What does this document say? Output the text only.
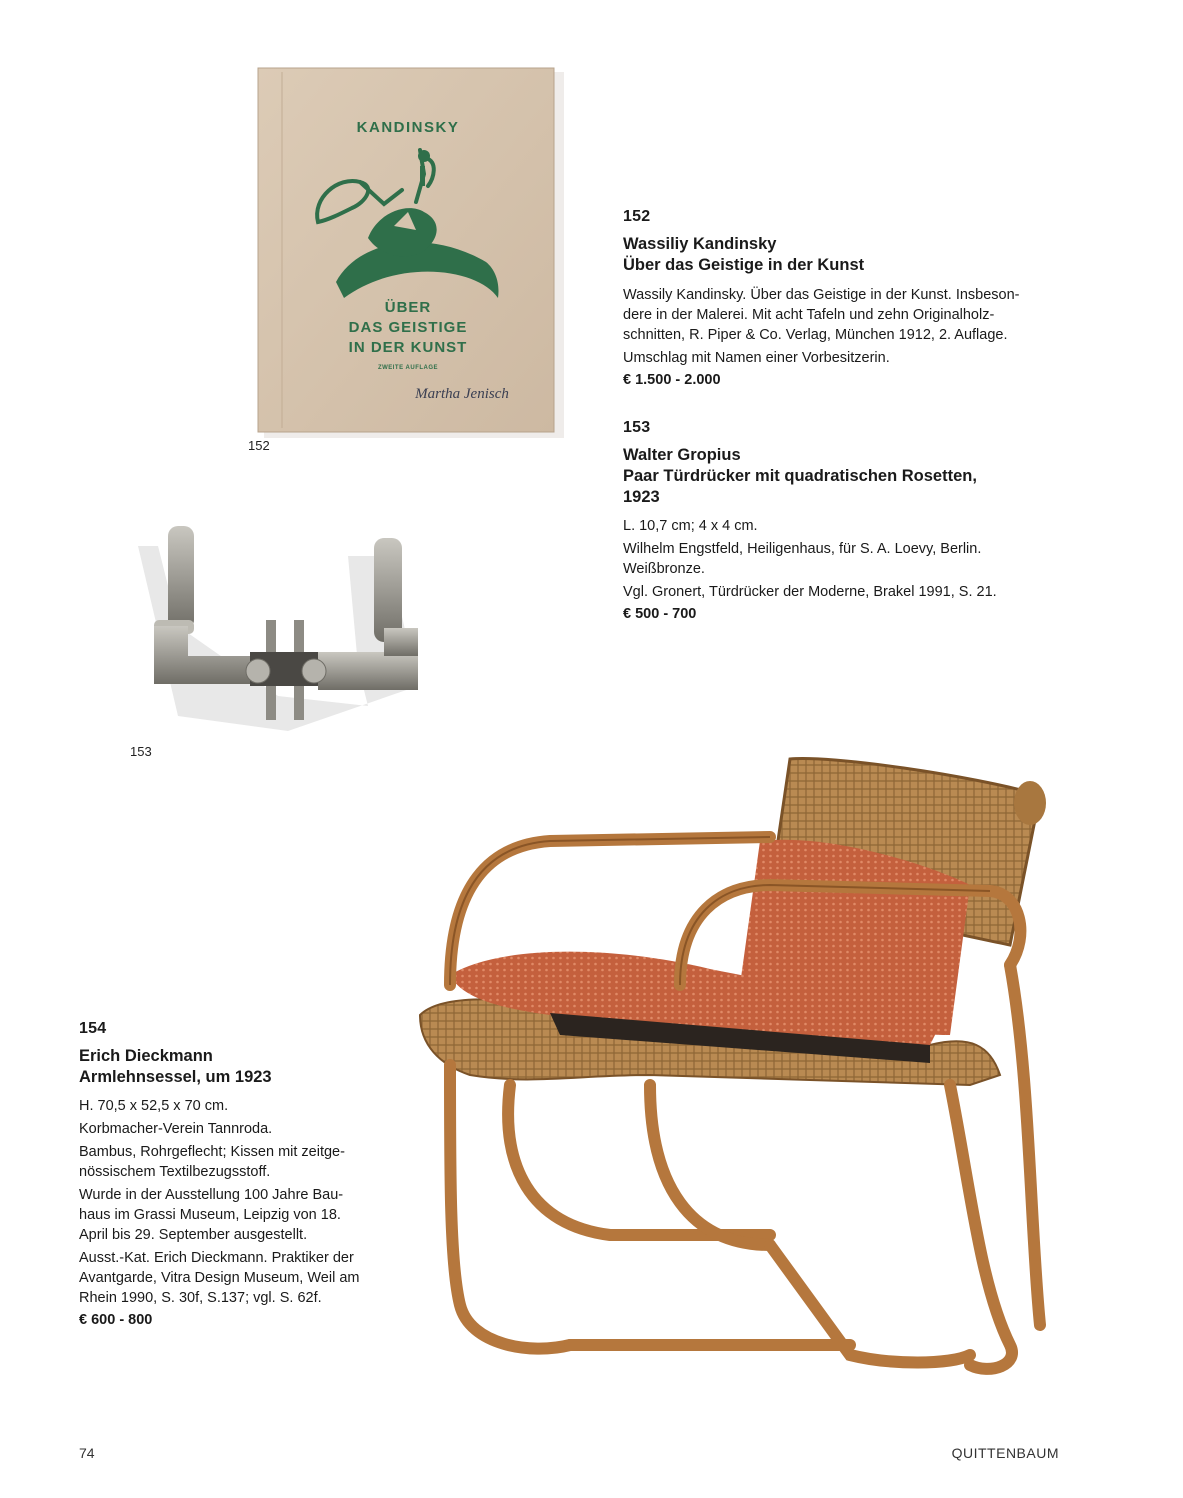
KANDINSKY
ÜBER
DAS GEISTIGE
IN DER KUNST
ZWEITE AUFLAGE
Martha Jenisch
152
153
152
Wassiliy Kandinsky
Über das Geistige in der Kunst
Wassily Kandinsky. Über das Geistige in der Kunst. Insbeson-
dere in der Malerei. Mit acht Tafeln und zehn Originalholz-
schnitten, R. Piper & Co. Verlag, München 1912, 2. Auflage.
Umschlag mit Namen einer Vorbesitzerin.
€ 1.500 - 2.000
153
Walter Gropius
Paar Türdrücker mit quadratischen Rosetten,
1923
L. 10,7 cm; 4 x 4 cm.
Wilhelm Engstfeld, Heiligenhaus, für S. A. Loevy, Berlin.
Weißbronze.
Vgl. Gronert, Türdrücker der Moderne, Brakel 1991, S. 21.
€ 500 - 700
154
Erich Dieckmann
Armlehnsessel, um 1923
H. 70,5 x 52,5 x 70 cm.
Korbmacher-Verein Tannroda.
Bambus, Rohrgeflecht; Kissen mit zeitge-
nössischem Textilbezugsstoff.
Wurde in der Ausstellung 100 Jahre Bau-
haus im Grassi Museum, Leipzig von 18.
April bis 29. September ausgestellt.
Ausst.-Kat. Erich Dieckmann. Praktiker der
Avantgarde, Vitra Design Museum, Weil am
Rhein 1990, S. 30f, S.137; vgl. S. 62f.
€ 600 - 800
74	QUITTENBAUM
